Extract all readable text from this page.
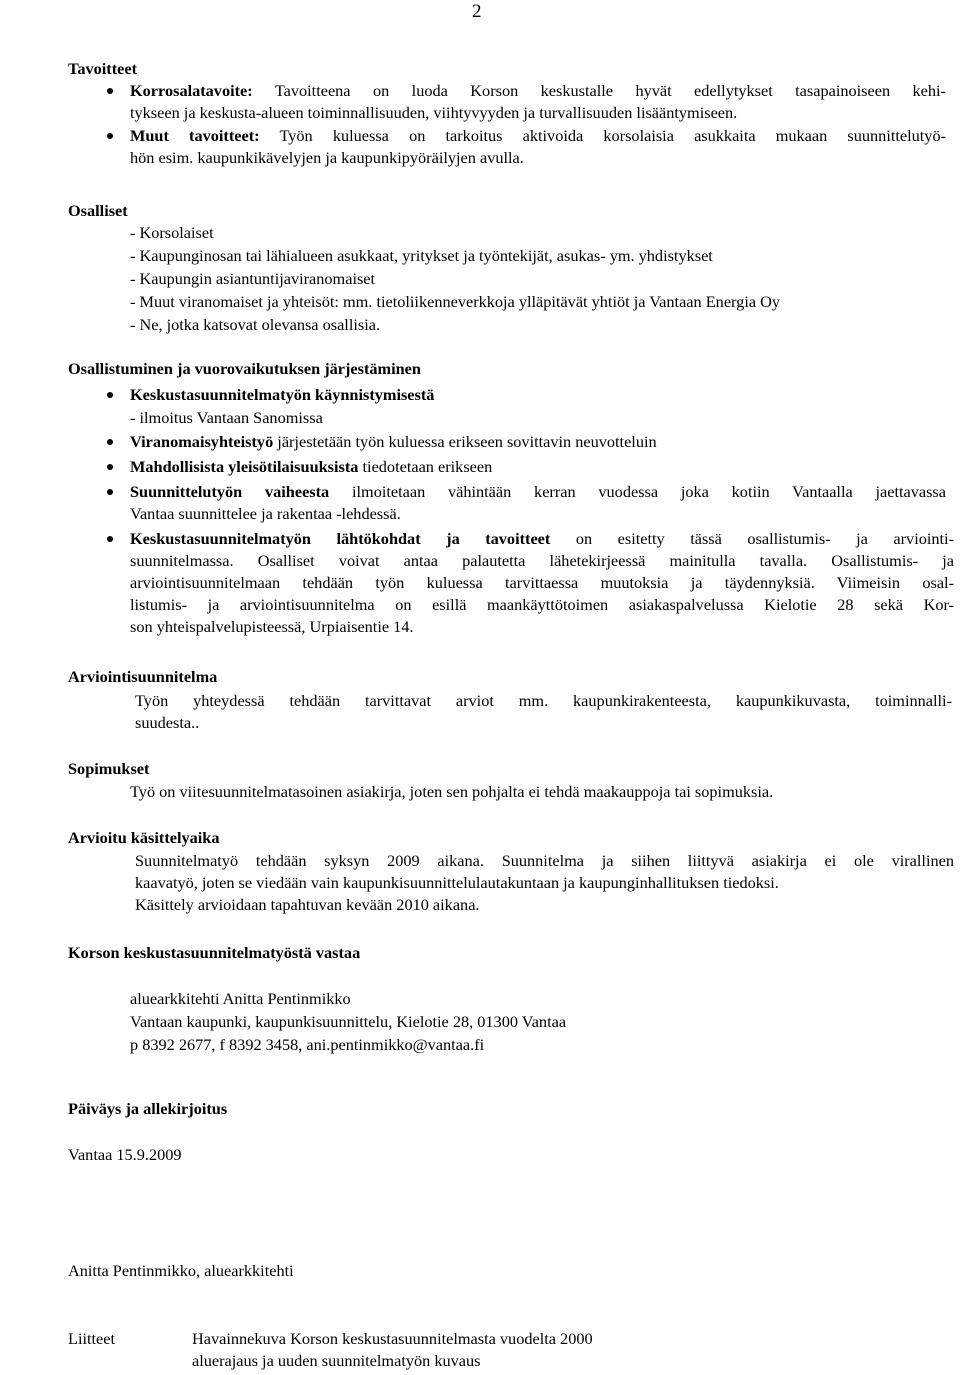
2
Tavoitteet
Korrosalatavoite: Tavoitteena on luoda Korson keskustalle hyvät edellytykset tasapainoiseen kehi-
tykseen ja keskusta-alueen toiminnallisuuden, viihtyvyyden ja turvallisuuden lisääntymiseen.
Muut tavoitteet: Työn kuluessa on tarkoitus aktivoida korsolaisia asukkaita mukaan suunnittelutyö-
hön esim. kaupunkikävelyjen ja kaupunkipyöräilyjen avulla.
Osalliset
- Korsolaiset
- Kaupunginosan tai lähialueen asukkaat, yritykset ja työntekijät, asukas- ym. yhdistykset
- Kaupungin asiantuntijaviranomaiset
- Muut viranomaiset ja yhteisöt: mm. tietoliikenneverkkoja ylläpitävät yhtiöt ja Vantaan Energia Oy
- Ne, jotka katsovat olevansa osallisia.
Osallistuminen ja vuorovaikutuksen järjestäminen
Keskustasuunnitelmatyön käynnistymisestä
- ilmoitus Vantaan Sanomissa
Viranomaisyhteistyö järjestetään työn kuluessa erikseen sovittavin neuvotteluin
Mahdollisista yleisötilaisuuksista tiedotetaan erikseen
Suunnittelutyön vaiheesta ilmoitetaan vähintään kerran vuodessa joka kotiin Vantaalla jaettavassa
Vantaa suunnittelee ja rakentaa -lehdessä.
Keskustasuunnitelmatyön lähtökohdat ja tavoitteet on esitetty tässä osallistumis- ja arviointi-
suunnitelmassa. Osalliset voivat antaa palautetta lähetekirjeessä mainitulla tavalla. Osallistumis- ja
arviointisuunnitelmaan tehdään työn kuluessa tarvittaessa muutoksia ja täydennyksiä. Viimeisin osal-
listumis- ja arviointisuunnitelma on esillä maankäyttötoimen asiakaspalvelussa Kielotie 28 sekä Kor-
son yhteispalvelupisteessä, Urpiaisentie 14.
Arviointisuunnitelma
Työn yhteydessä tehdään tarvittavat arviot mm. kaupunkirakenteesta, kaupunkikuvasta, toiminnalli-
suudesta..
Sopimukset
Työ on viitesuunnitelmatasoinen asiakirja, joten sen pohjalta ei tehdä maakauppoja tai sopimuksia.
Arvioitu käsittelyaika
Suunnitelmatyö tehdään syksyn 2009 aikana. Suunnitelma ja siihen liittyvä asiakirja ei ole virallinen
kaavatyö, joten se viedään vain kaupunkisuunnittelulautakuntaan ja kaupunginhallituksen tiedoksi.
Käsittely arvioidaan tapahtuvan kevään 2010 aikana.
Korson keskustasuunnitelmatyöstä vastaa
aluearkkitehti Anitta Pentinmikko
Vantaan kaupunki, kaupunkisuunnittelu, Kielotie 28, 01300 Vantaa
p 8392 2677, f 8392 3458, ani.pentinmikko@vantaa.fi
Päiväys ja allekirjoitus
Vantaa 15.9.2009
Anitta Pentinmikko, aluearkkitehti
Liitteet	Havainnekuva Korson keskustasuunnitelmasta vuodelta 2000
aluerajaus ja uuden suunnitelmatyön kuvaus
